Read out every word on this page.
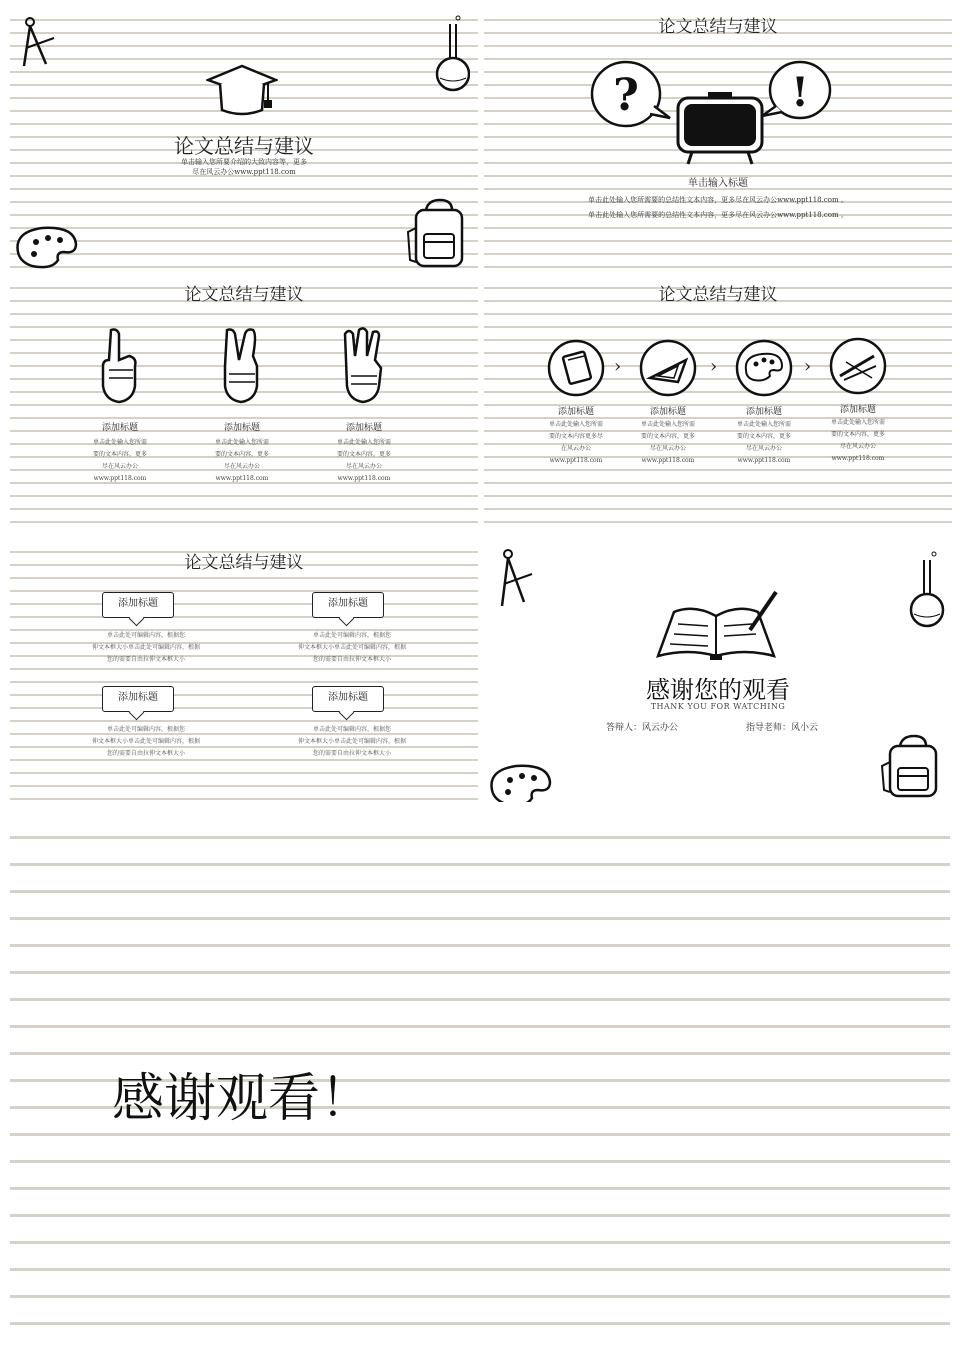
论文总结与建议
单击输入您所要介绍的大致内容等，更多
尽在风云办公www.ppt118.com
论文总结与建议
?	!
单击输入标题
单击此处输入您所需要的总结性文本内容，更多尽在风云办公www.ppt118.com 。
单击此处输入您所需要的总结性文本内容，更多尽在风云办公www.ppt118.com 。
论文总结与建议
添加标题
单击此处输入您所需
要的文本内容，更多
尽在风云办公
www.ppt118.com
添加标题
单击此处输入您所需
要的文本内容，更多
尽在风云办公
www.ppt118.com
添加标题
单击此处输入您所需
要的文本内容，更多
尽在风云办公
www.ppt118.com
论文总结与建议
添加标题
单击此处输入您所需
要的文本内容更多尽
在风云办公
www.ppt118.com
›
添加标题
单击此处输入您所需
要的文本内容，更多
尽在风云办公
www.ppt118.com
›
添加标题
单击此处输入您所需
要的文本内容，更多
尽在风云办公
www.ppt118.com
›
添加标题
单击此处输入您所需
要的文本内容，更多
尽在风云办公
www.ppt118.com
论文总结与建议
添加标题
单击此处可编辑内容，根据您
伸文本框大小单击此处可编辑内容，根据
您的需要自由拉伸文本框大小
添加标题
单击此处可编辑内容，根据您
伸文本框大小单击此处可编辑内容，根据
您的需要自由拉伸文本框大小
添加标题
单击此处可编辑内容，根据您
伸文本框大小单击此处可编辑内容，根据
您的需要自由拉伸文本框大小
添加标题
单击此处可编辑内容，根据您
伸文本框大小单击此处可编辑内容，根据
您的需要自由拉伸文本框大小
感谢您的观看
THANK YOU FOR WATCHING
答辩人：风云办公	指导老师：风小云
感谢观看！
